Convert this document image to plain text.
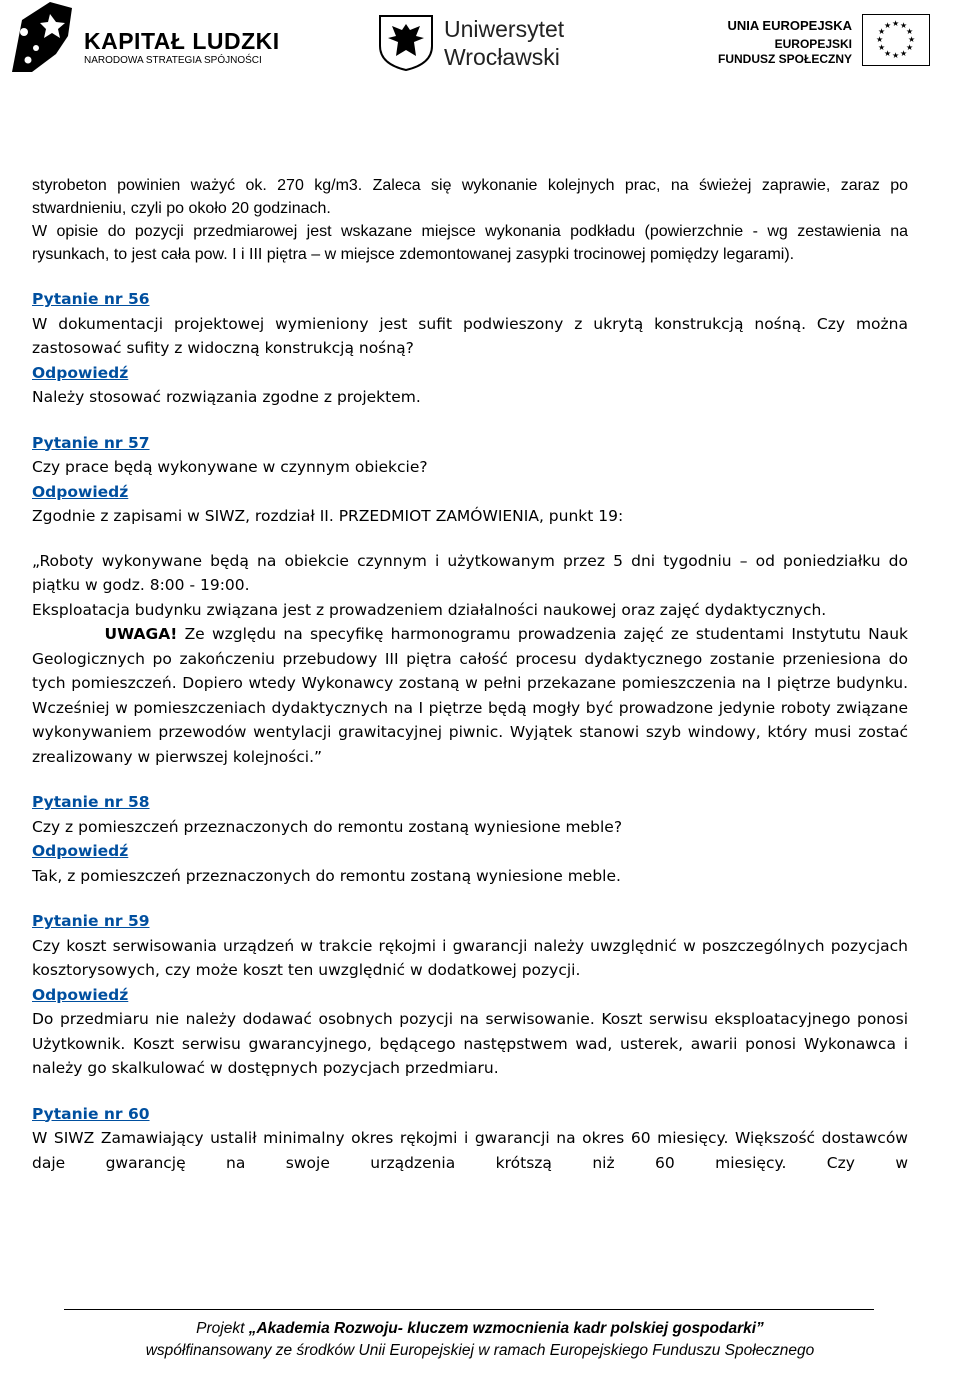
KAPITAŁ LUDZKI
NARODOWA STRATEGIA SPÓJNOŚCI
Uniwersytet
Wrocławski
UNIA EUROPEJSKA
EUROPEJSKI
FUNDUSZ SPOŁECZNY
★ ★
★
★
★
★
★
★
★
★
★
★

styrobeton powinien ważyć ok. 270 kg/m3. Zaleca się wykonanie kolejnych prac, na świeżej zaprawie, zaraz po stwardnieniu, czyli po około 20 godzinach.

W opisie do pozycji przedmiarowej jest wskazane miejsce wykonania podkładu (powierzchnie - wg zestawienia na rysunkach, to jest cała pow. I i III piętra – w miejsce zdemontowanej zasypki trocinowej pomiędzy legarami).

Pytanie nr 56

W dokumentacji projektowej wymieniony jest sufit podwieszony z ukrytą konstrukcją nośną. Czy można zastosować sufity z widoczną konstrukcją nośną?

Odpowiedź

Należy stosować rozwiązania zgodne z projektem.

Pytanie nr 57

Czy prace będą wykonywane w czynnym obiekcie?

Odpowiedź

Zgodnie z zapisami w SIWZ, rozdział II. PRZEDMIOT ZAMÓWIENIA, punkt 19:

„Roboty wykonywane będą na obiekcie czynnym i użytkowanym przez 5 dni tygodniu – od poniedziałku do piątku w godz. 8:00 - 19:00.

Eksploatacja budynku związana jest z prowadzeniem działalności naukowej oraz zajęć dydaktycznych.

UWAGA! Ze względu na specyfikę harmonogramu prowadzenia zajęć ze studentami Instytutu Nauk Geologicznych po zakończeniu przebudowy III piętra całość procesu dydaktycznego zostanie przeniesiona do tych pomieszczeń. Dopiero wtedy Wykonawcy zostaną w pełni przekazane pomieszczenia na I piętrze budynku. Wcześniej w pomieszczeniach dydaktycznych na I piętrze będą mogły być prowadzone jedynie roboty związane wykonywaniem przewodów wentylacji grawitacyjnej piwnic. Wyjątek stanowi szyb windowy, który musi zostać zrealizowany w pierwszej kolejności.”

Pytanie nr 58

Czy z pomieszczeń przeznaczonych do remontu zostaną wyniesione meble?

Odpowiedź

Tak, z pomieszczeń przeznaczonych do remontu zostaną wyniesione meble.

Pytanie nr 59

Czy koszt serwisowania urządzeń w trakcie rękojmi i gwarancji należy uwzględnić w poszczególnych pozycjach kosztorysowych, czy może koszt ten uwzględnić w dodatkowej pozycji.

Odpowiedź

Do przedmiaru nie należy dodawać osobnych pozycji na serwisowanie. Koszt serwisu eksploatacyjnego ponosi Użytkownik. Koszt serwisu gwarancyjnego, będącego następstwem wad, usterek, awarii ponosi Wykonawca i należy go skalkulować w dostępnych pozycjach przedmiaru.

Pytanie nr 60

W SIWZ Zamawiający ustalił minimalny okres rękojmi i gwarancji na okres 60 miesięcy. Większość dostawców daje gwarancję na swoje urządzenia krótszą niż 60 miesięcy. Czy w

Projekt „Akademia Rozwoju- kluczem wzmocnienia kadr polskiej gospodarki”
współfinansowany ze środków Unii Europejskiej w ramach Europejskiego Funduszu Społecznego
